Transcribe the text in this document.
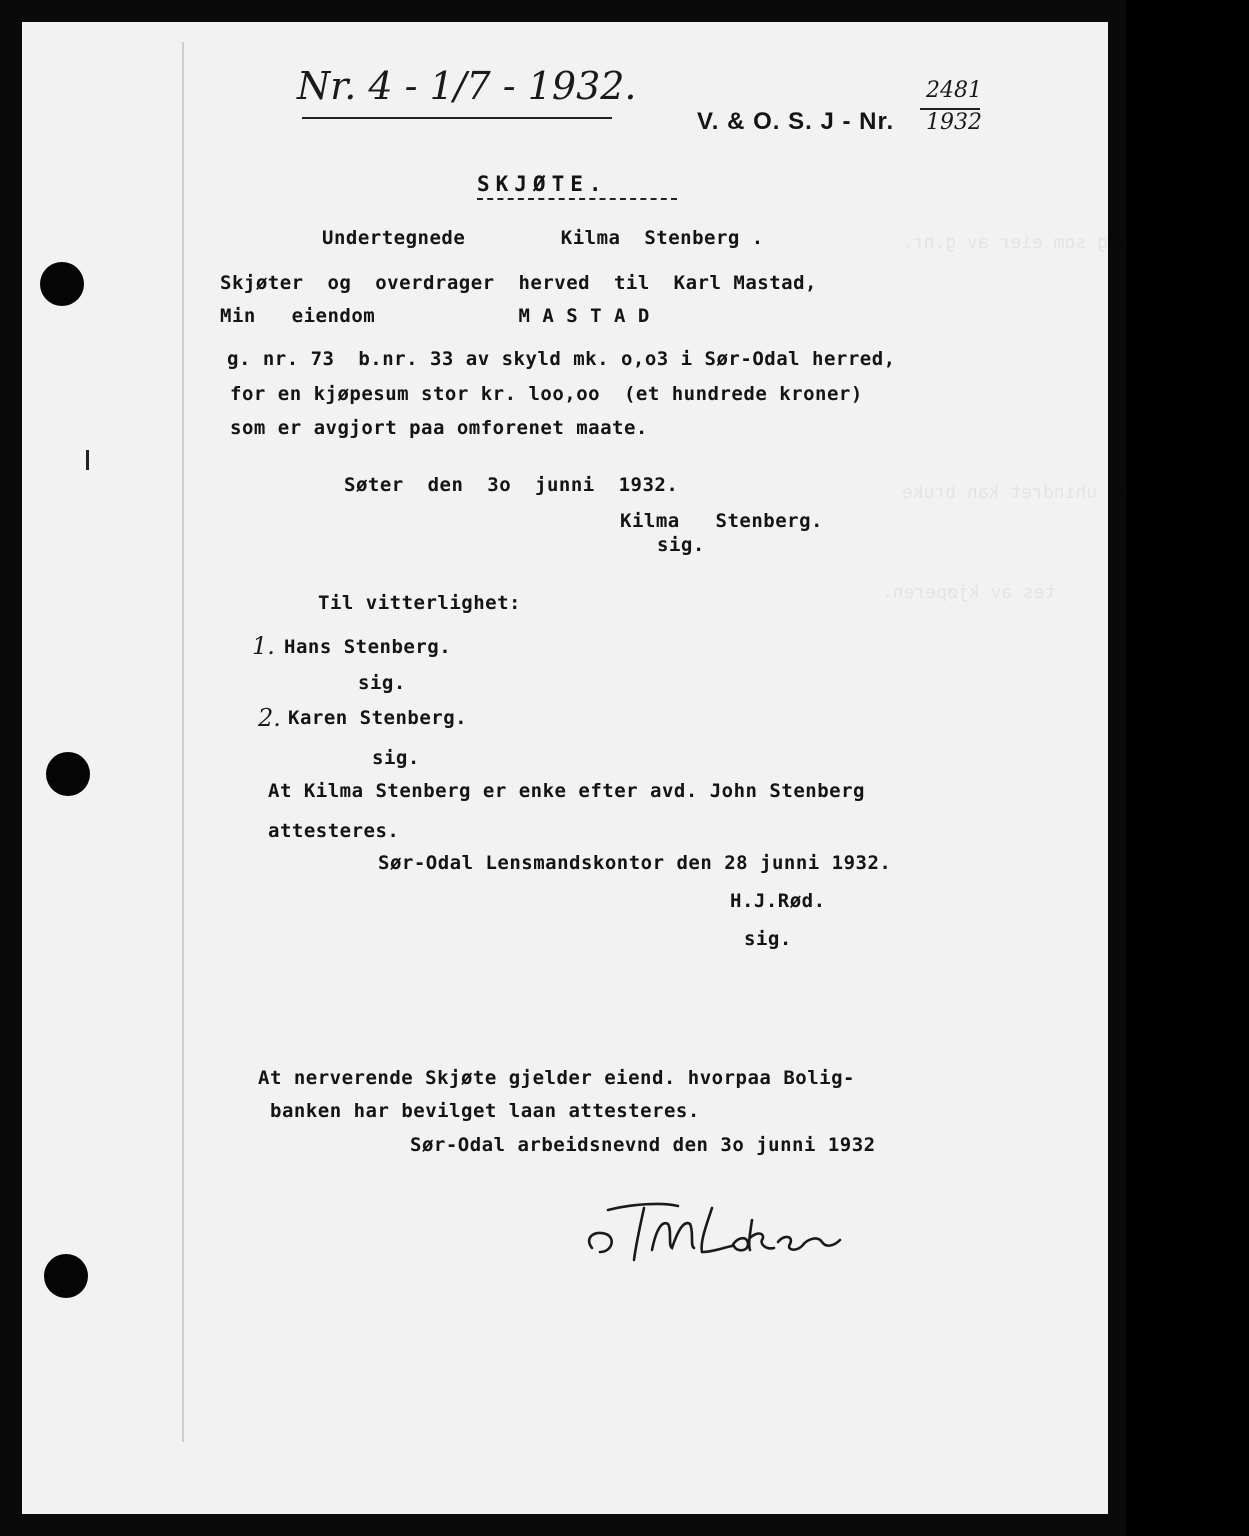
Kilma Stenberg som eier av g.nr.
ose oplagen uhindret kan bruke
tes av kjøperen.
Nr. 4 - 1/7 - 1932.
V. & O. S. J - Nr.
2481
1932
SKJØTE.
Undertegnede        Kilma  Stenberg .
Skjøter  og  overdrager  herved  til  Karl Mastad,
Min   eiendom            M A S T A D
g. nr. 73  b.nr. 33 av skyld mk. o,o3 i Sør-Odal herred,
for en kjøpesum stor kr. loo,oo  (et hundrede kroner)
som er avgjort paa omforenet maate.
Søter  den  3o  junni  1932.
Kilma   Stenberg.
sig.
Til vitterlighet:
1. Hans Stenberg.
sig.
2. Karen Stenberg.
sig.
At Kilma Stenberg er enke efter avd. John Stenberg
attesteres.
Sør-Odal Lensmandskontor den 28 junni 1932.
H.J.Rød.
sig.
At nerverende Skjøte gjelder eiend. hvorpaa Bolig-
banken har bevilget laan attesteres.
Sør-Odal arbeidsnevnd den 3o junni 1932
